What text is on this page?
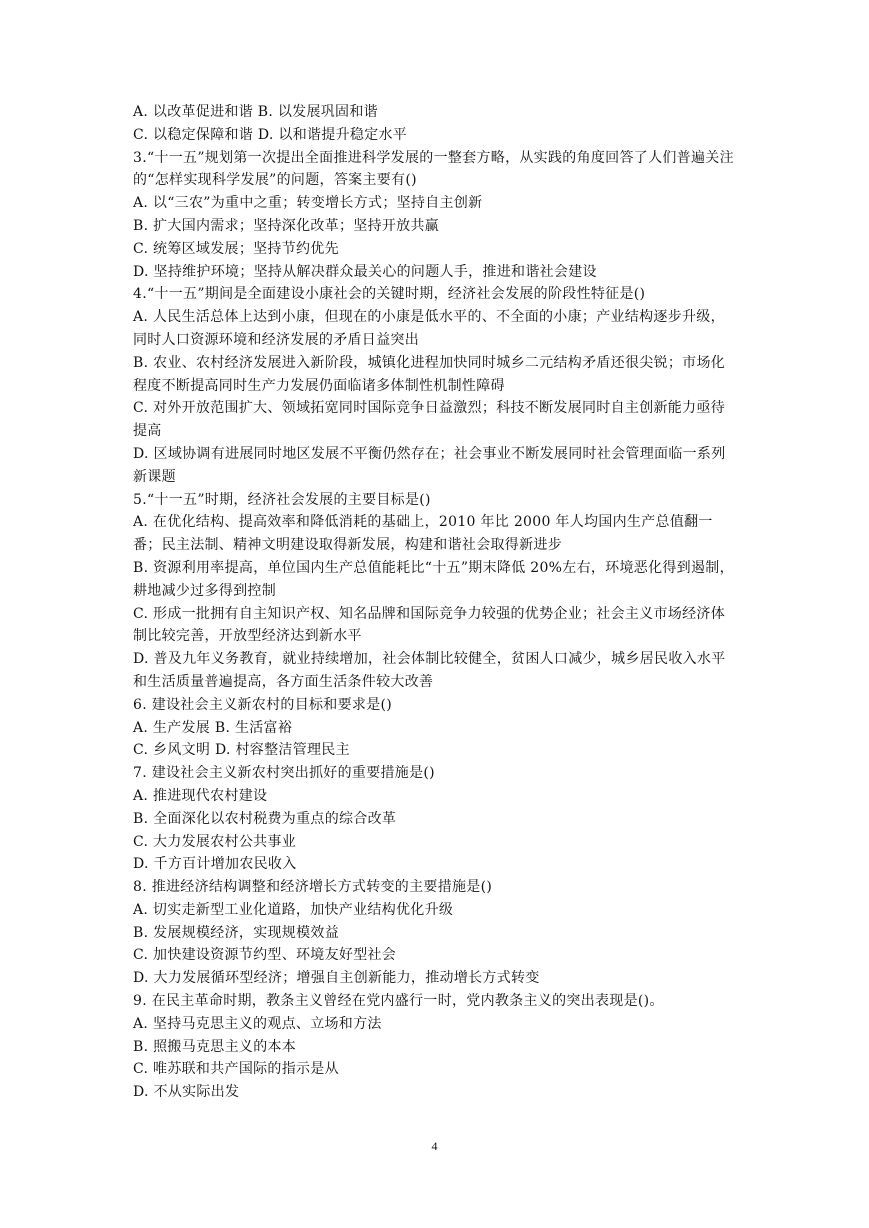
A. 以改革促进和谐 B. 以发展巩固和谐
C. 以稳定保障和谐 D. 以和谐提升稳定水平
3.“十一五”规划第一次提出全面推进科学发展的一整套方略，从实践的角度回答了人们普遍关注的“怎样实现科学发展”的问题，答案主要有()
A. 以“三农”为重中之重；转变增长方式；坚持自主创新
B. 扩大国内需求；坚持深化改革；坚持开放共赢
C. 统筹区域发展；坚持节约优先
D. 坚持维护环境；坚持从解决群众最关心的问题人手，推进和谐社会建设
4.“十一五”期间是全面建设小康社会的关键时期，经济社会发展的阶段性特征是()
A. 人民生活总体上达到小康，但现在的小康是低水平的、不全面的小康；产业结构逐步升级，同时人口资源环境和经济发展的矛盾日益突出
B. 农业、农村经济发展进入新阶段，城镇化进程加快同时城乡二元结构矛盾还很尖锐；市场化程度不断提高同时生产力发展仍面临诸多体制性机制性障碍
C. 对外开放范围扩大、领域拓宽同时国际竞争日益激烈；科技不断发展同时自主创新能力亟待提高
D. 区域协调有进展同时地区发展不平衡仍然存在；社会事业不断发展同时社会管理面临一系列新课题
5.“十一五”时期，经济社会发展的主要目标是()
A. 在优化结构、提高效率和降低消耗的基础上，2010 年比 2000 年人均国内生产总值翻一番；民主法制、精神文明建设取得新发展，构建和谐社会取得新进步
B. 资源利用率提高，单位国内生产总值能耗比“十五”期末降低 20%左右，环境恶化得到遏制，耕地减少过多得到控制
C. 形成一批拥有自主知识产权、知名品牌和国际竞争力较强的优势企业；社会主义市场经济体制比较完善，开放型经济达到新水平
D. 普及九年义务教育，就业持续增加，社会体制比较健全，贫困人口减少，城乡居民收入水平和生活质量普遍提高，各方面生活条件较大改善
6. 建设社会主义新农村的目标和要求是()
A. 生产发展 B. 生活富裕
C. 乡风文明 D. 村容整洁管理民主
7. 建设社会主义新农村突出抓好的重要措施是()
A. 推进现代农村建设
B. 全面深化以农村税费为重点的综合改革
C. 大力发展农村公共事业
D. 千方百计增加农民收入
8. 推进经济结构调整和经济增长方式转变的主要措施是()
A. 切实走新型工业化道路，加快产业结构优化升级
B. 发展规模经济，实现规模效益
C. 加快建设资源节约型、环境友好型社会
D. 大力发展循环型经济；增强自主创新能力，推动增长方式转变
9. 在民主革命时期，教条主义曾经在党内盛行一时，党内教条主义的突出表现是()。
A. 坚持马克思主义的观点、立场和方法
B. 照搬马克思主义的本本
C. 唯苏联和共产国际的指示是从
D. 不从实际出发
4
